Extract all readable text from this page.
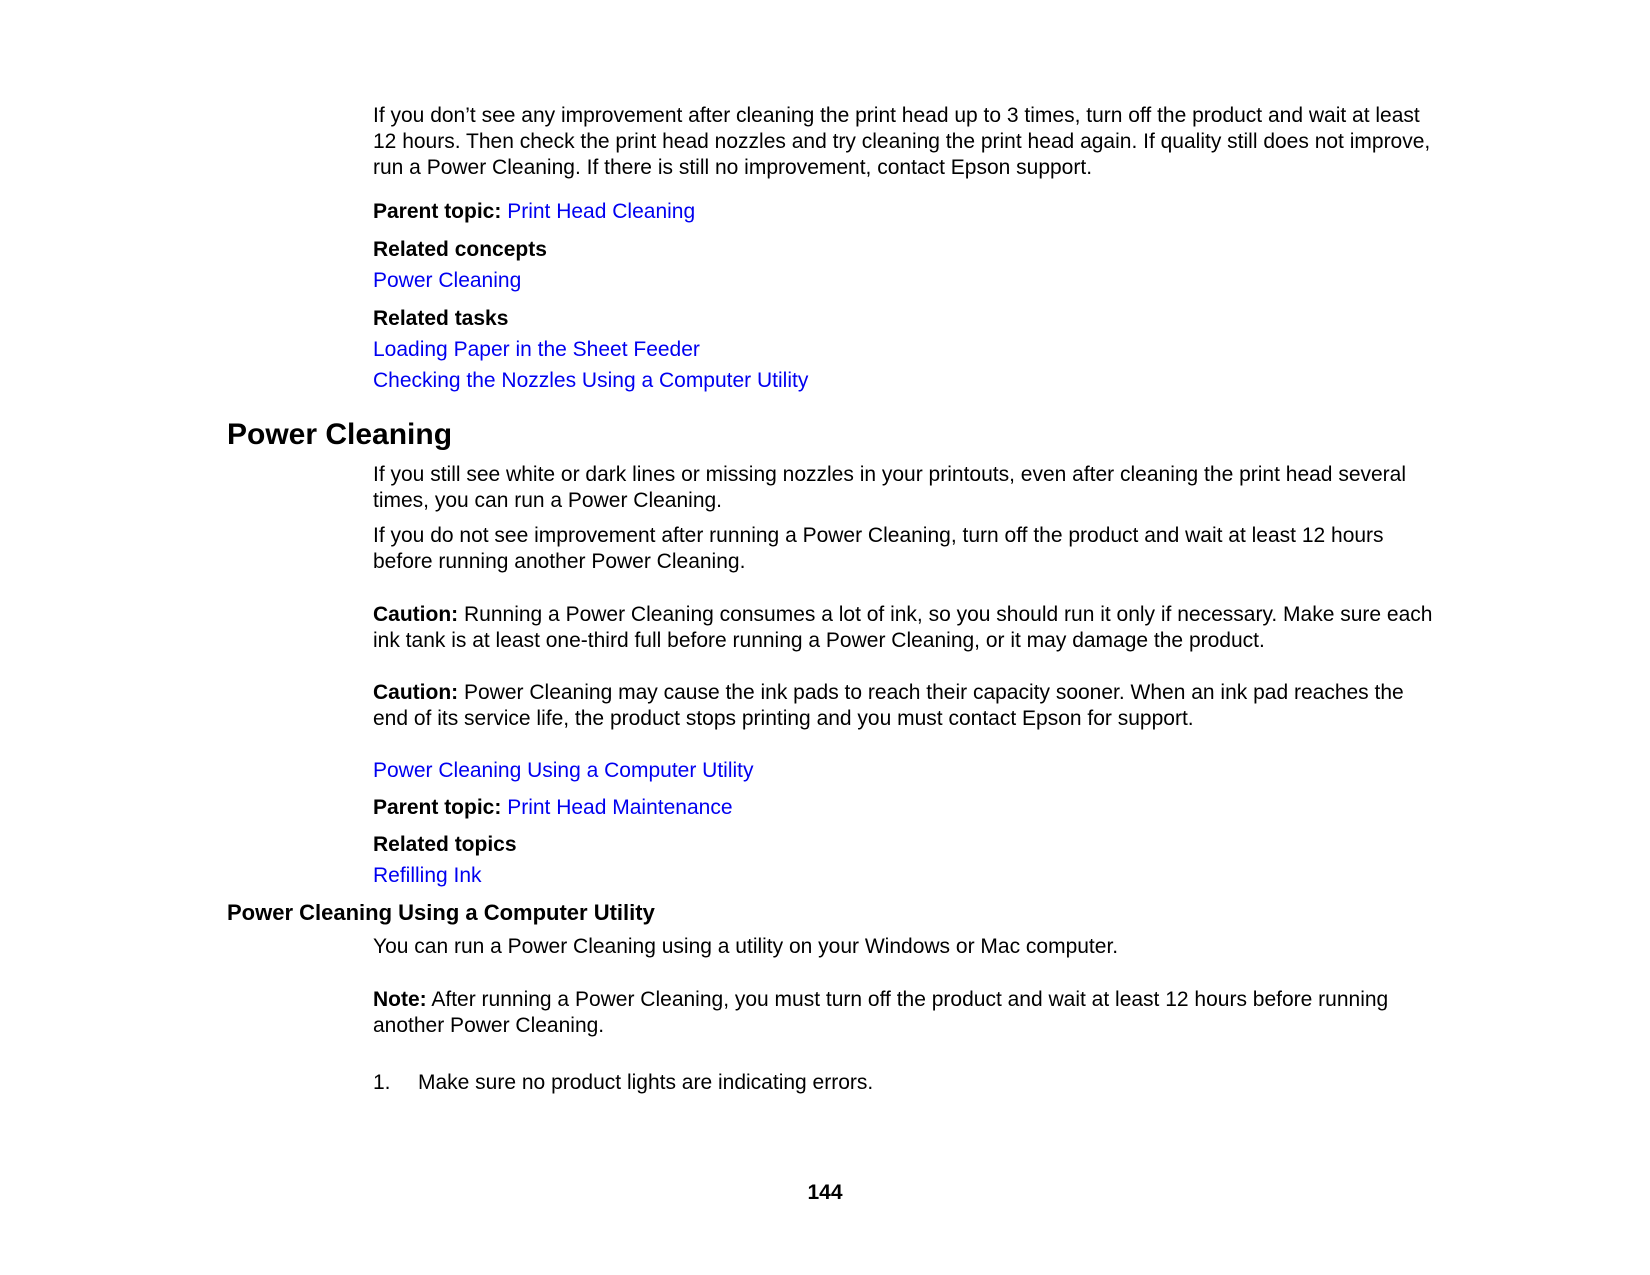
If you don’t see any improvement after cleaning the print head up to 3 times, turn off the product and wait at least 12 hours. Then check the print head nozzles and try cleaning the print head again. If quality still does not improve, run a Power Cleaning. If there is still no improvement, contact Epson support.

Parent topic: Print Head Cleaning

Related concepts

Power Cleaning

Related tasks

Loading Paper in the Sheet Feeder

Checking the Nozzles Using a Computer Utility

Power Cleaning

If you still see white or dark lines or missing nozzles in your printouts, even after cleaning the print head several times, you can run a Power Cleaning.

If you do not see improvement after running a Power Cleaning, turn off the product and wait at least 12 hours before running another Power Cleaning.

Caution: Running a Power Cleaning consumes a lot of ink, so you should run it only if necessary. Make sure each ink tank is at least one-third full before running a Power Cleaning, or it may damage the product.

Caution: Power Cleaning may cause the ink pads to reach their capacity sooner. When an ink pad reaches the end of its service life, the product stops printing and you must contact Epson for support.

Power Cleaning Using a Computer Utility

Parent topic: Print Head Maintenance

Related topics

Refilling Ink

Power Cleaning Using a Computer Utility

You can run a Power Cleaning using a utility on your Windows or Mac computer.

Note: After running a Power Cleaning, you must turn off the product and wait at least 12 hours before running another Power Cleaning.

1.	Make sure no product lights are indicating errors.
144
